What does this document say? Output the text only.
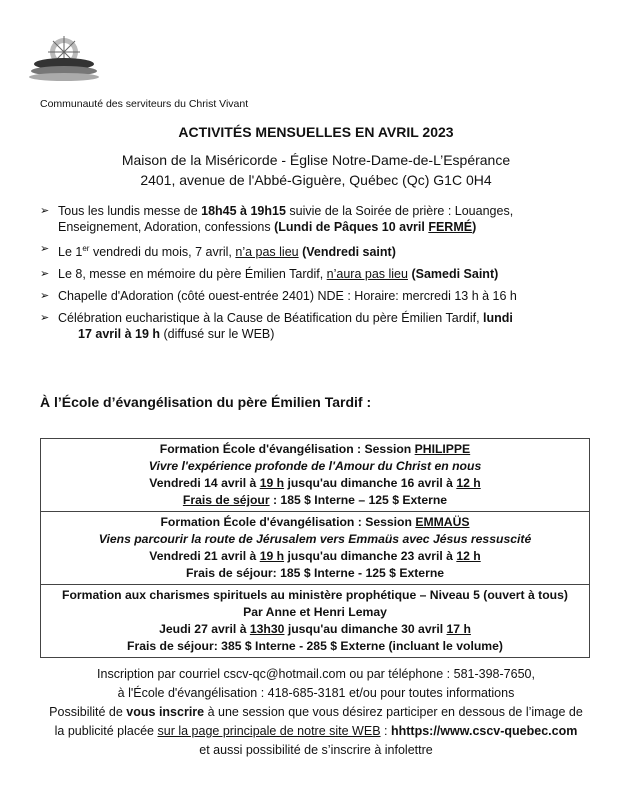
Communauté des serviteurs du Christ Vivant
ACTIVITÉS MENSUELLES EN AVRIL 2023
Maison de la Miséricorde - Église Notre-Dame-de-L’Espérance
2401, avenue de l'Abbé-Giguère, Québec (Qc) G1C 0H4
➢ Tous les lundis messe de 18h45 à 19h15 suivie de la Soirée de prière : Louanges,
Enseignement, Adoration, confessions (Lundi de Pâques 10 avril FERMÉ)
➢ Le 1er vendredi du mois, 7 avril, n’a pas lieu (Vendredi saint)
➢ Le 8, messe en mémoire du père Émilien Tardif, n’aura pas lieu (Samedi Saint)
➢ Chapelle d'Adoration (côté ouest-entrée 2401) NDE : Horaire: mercredi 13 h à 16 h
➢ Célébration eucharistique à la Cause de Béatification du père Émilien Tardif, lundi
17 avril à 19 h (diffusé sur le WEB)
À l’École d’évangélisation du père Émilien Tardif :
Formation École d'évangélisation : Session PHILIPPE
Vivre l'expérience profonde de l'Amour du Christ en nous
Vendredi 14 avril à 19 h jusqu'au dimanche 16 avril à 12 h
Frais de séjour : 185 $ Interne – 125 $ Externe

Formation École d'évangélisation : Session EMMAÜS
Viens parcourir la route de Jérusalem vers Emmaüs avec Jésus ressuscité
Vendredi 21 avril à 19 h jusqu'au dimanche 23 avril à 12 h
Frais de séjour: 185 $ Interne - 125 $ Externe

Formation aux charismes spirituels au ministère prophétique – Niveau 5 (ouvert à tous)
Par Anne et Henri Lemay
Jeudi 27 avril à 13h30 jusqu'au dimanche 30 avril 17 h
Frais de séjour: 385 $ Interne - 285 $ Externe (incluant le volume)
Inscription par courriel cscv-qc@hotmail.com ou par téléphone : 581-398-7650,
à l'École d'évangélisation : 418-685-3181 et/ou pour toutes informations
Possibilité de vous inscrire à une session que vous désirez participer en dessous de l’image de
la publicité placée sur la page principale de notre site WEB : hhttps://www.cscv-quebec.com
et aussi possibilité de s’inscrire à infolettre
